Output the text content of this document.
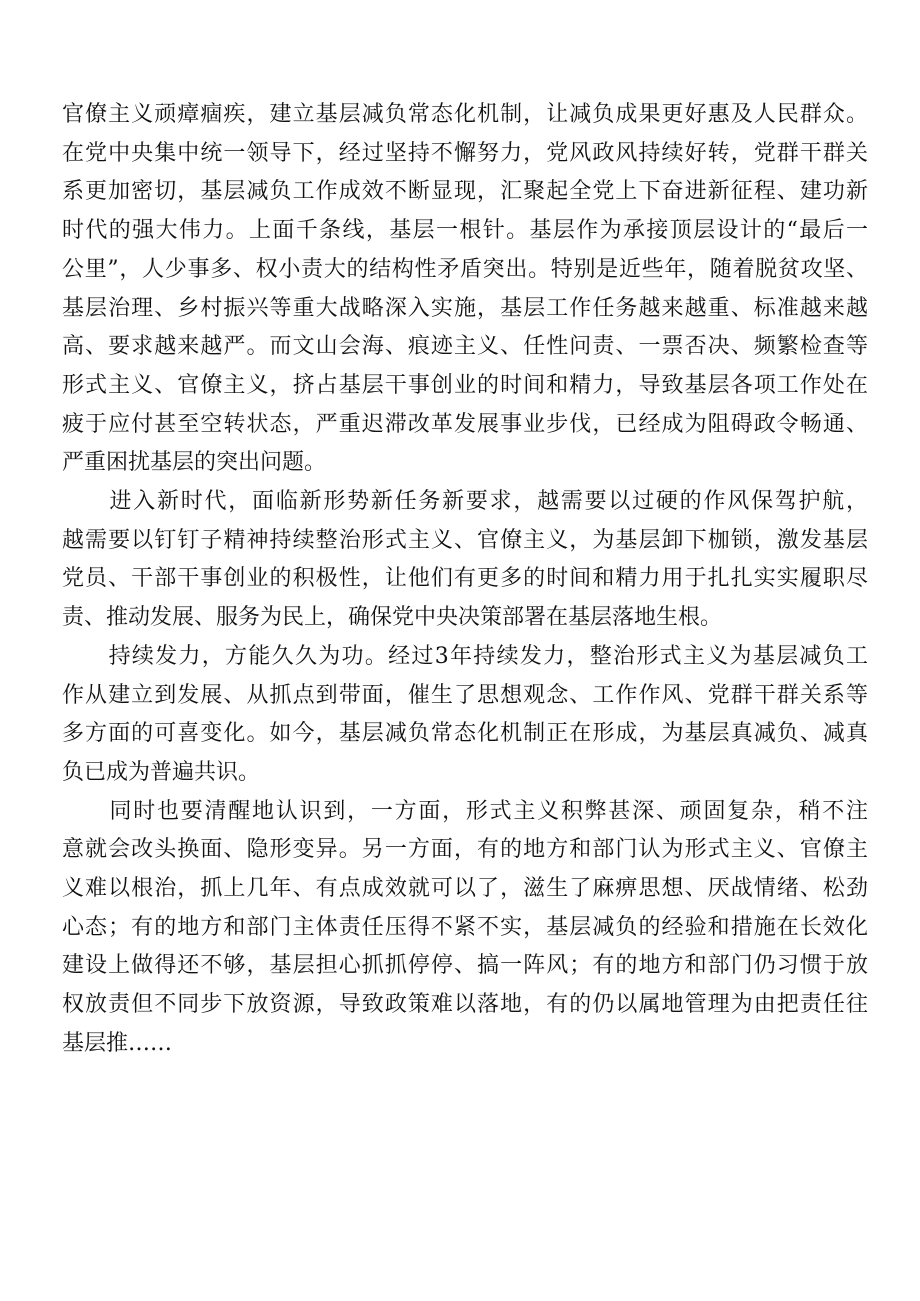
官僚主义顽瘴痼疾，建立基层减负常态化机制，让减负成果更好惠及人民群众。
在党中央集中统一领导下，经过坚持不懈努力，党风政风持续好转，党群干群关
系更加密切，基层减负工作成效不断显现，汇聚起全党上下奋进新征程、建功新
时代的强大伟力。上面千条线，基层一根针。基层作为承接顶层设计的“最后一
公里”，人少事多、权小责大的结构性矛盾突出。特别是近些年，随着脱贫攻坚、
基层治理、乡村振兴等重大战略深入实施，基层工作任务越来越重、标准越来越
高、要求越来越严。而文山会海、痕迹主义、任性问责、一票否决、频繁检查等
形式主义、官僚主义，挤占基层干事创业的时间和精力，导致基层各项工作处在
疲于应付甚至空转状态，严重迟滞改革发展事业步伐，已经成为阻碍政令畅通、
严重困扰基层的突出问题。
　　进入新时代，面临新形势新任务新要求，越需要以过硬的作风保驾护航，
越需要以钉钉子精神持续整治形式主义、官僚主义，为基层卸下枷锁，激发基层
党员、干部干事创业的积极性，让他们有更多的时间和精力用于扎扎实实履职尽
责、推动发展、服务为民上，确保党中央决策部署在基层落地生根。
　　持续发力，方能久久为功。经过3年持续发力，整治形式主义为基层减负工
作从建立到发展、从抓点到带面，催生了思想观念、工作作风、党群干群关系等
多方面的可喜变化。如今，基层减负常态化机制正在形成，为基层真减负、减真
负已成为普遍共识。
　　同时也要清醒地认识到，一方面，形式主义积弊甚深、顽固复杂，稍不注
意就会改头换面、隐形变异。另一方面，有的地方和部门认为形式主义、官僚主
义难以根治，抓上几年、有点成效就可以了，滋生了麻痹思想、厌战情绪、松劲
心态；有的地方和部门主体责任压得不紧不实，基层减负的经验和措施在长效化
建设上做得还不够，基层担心抓抓停停、搞一阵风；有的地方和部门仍习惯于放
权放责但不同步下放资源，导致政策难以落地，有的仍以属地管理为由把责任往
基层推……
